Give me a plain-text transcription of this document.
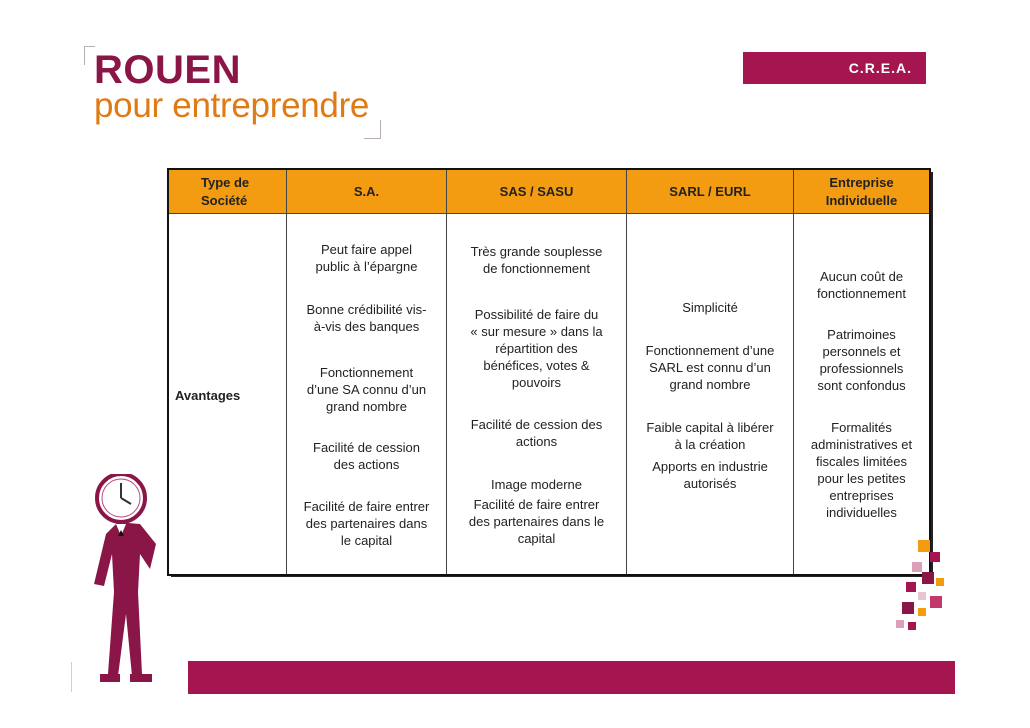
ROUEN
pour entreprendre
C.R.E.A.
Type de
Société
S.A.	SAS / SASU	SARL / EURL
Entreprise
Individuelle
Avantages
Peut faire appel
public à l’épargne
Bonne crédibilité vis-
à-vis des banques
Fonctionnement
d’une SA connu d’un
grand nombre
Facilité de cession
des actions
Facilité de faire entrer
des partenaires dans
le capital
Très grande souplesse
de fonctionnement
Possibilité de faire du
« sur mesure » dans la
répartition des
bénéfices, votes &
pouvoirs
Facilité de cession des
actions
Image moderne
Facilité de faire entrer
des partenaires dans le
capital
Simplicité
Fonctionnement d’une
SARL est connu d’un
grand nombre
Faible capital à libérer
à la création
Apports en industrie
autorisés
Aucun coût de
fonctionnement
Patrimoines
personnels et
professionnels
sont confondus
Formalités
administratives et
fiscales limitées
pour les petites
entreprises
individuelles
